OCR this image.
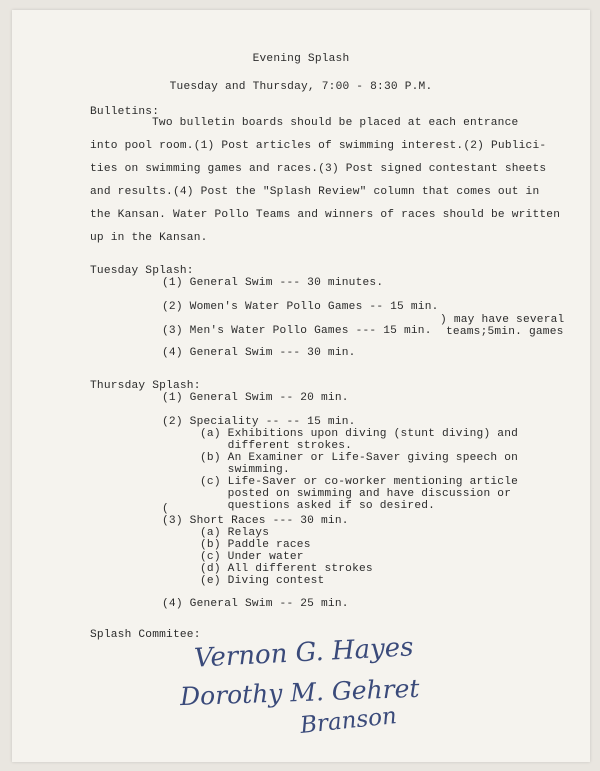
Evening Splash
Tuesday and Thursday, 7:00 - 8:30 P.M.
Bulletins:
Two bulletin boards should be placed at each entrance
into pool room.(1) Post articles of swimming interest.(2) Publici-
ties on swimming games and races.(3) Post signed contestant sheets
and results.(4) Post the "Splash Review" column that comes out in
the Kansan. Water Pollo Teams and winners of races should be written
up in the Kansan.
Tuesday Splash:
(1) General Swim --- 30 minutes.
(2) Women's Water Pollo Games -- 15 min.
) may have several
(3) Men's Water Pollo Games --- 15 min. teams;5min. games
(4) General Swim --- 30 min.
Thursday Splash:
(1) General Swim -- 20 min.
(2) Speciality -- -- 15 min.
(a) Exhibitions upon diving (stunt diving) and
different strokes.
(b) An Examiner or Life-Saver giving speech on
swimming.
(c) Life-Saver or co-worker mentioning article
posted on swimming and have discussion or
questions asked if so desired.
(
(3) Short Races --- 30 min.
(a) Relays
(b) Paddle races
(c) Under water
(d) All different strokes
(e) Diving contest
(4) General Swim -- 25 min.
Splash Commitee:
Vernon G. Hayes
Dorothy M. Gehret
Branson
